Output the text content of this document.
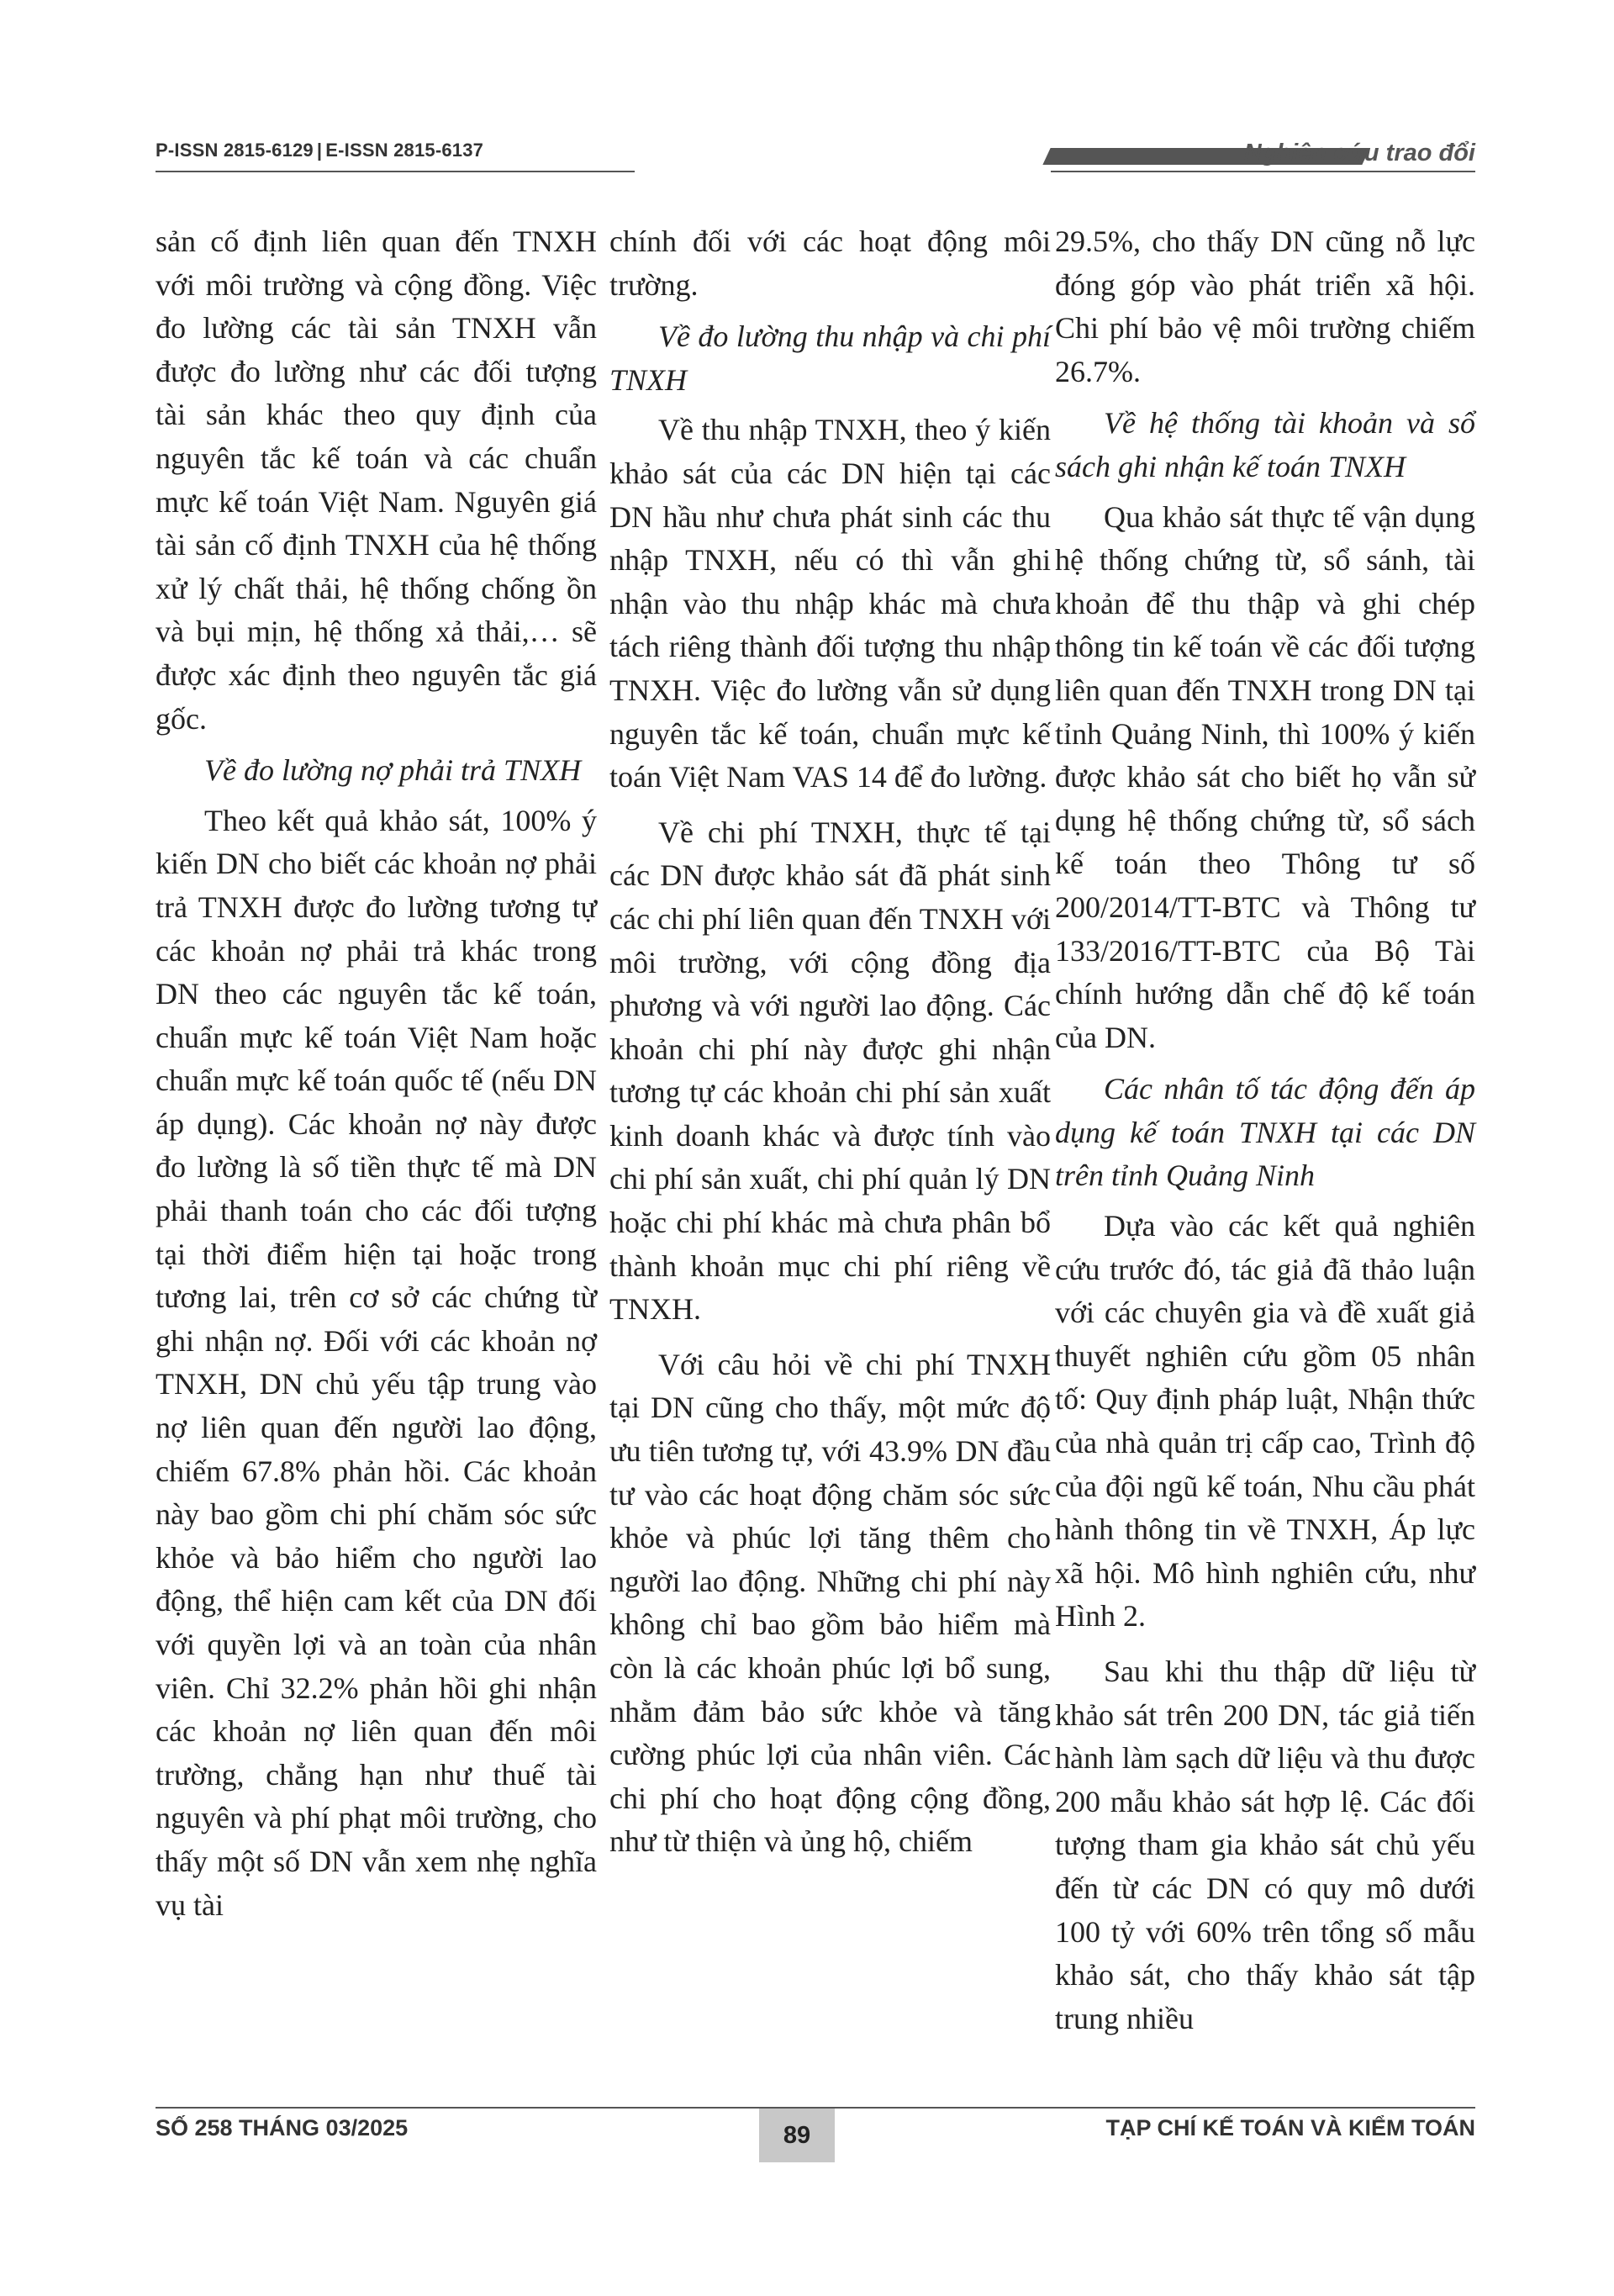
P-ISSN 2815-6129 | E-ISSN 2815-6137	Nghiên cứu trao đổi

sản cố định liên quan đến TNXH với môi trường và cộng đồng. Việc đo lường các tài sản TNXH vẫn được đo lường như các đối tượng tài sản khác theo quy định của nguyên tắc kế toán và các chuẩn mực kế toán Việt Nam. Nguyên giá tài sản cố định TNXH của hệ thống xử lý chất thải, hệ thống chống ồn và bụi mịn, hệ thống xả thải,… sẽ được xác định theo nguyên tắc giá gốc.

Về đo lường nợ phải trả TNXH

Theo kết quả khảo sát, 100% ý kiến DN cho biết các khoản nợ phải trả TNXH được đo lường tương tự các khoản nợ phải trả khác trong DN theo các nguyên tắc kế toán, chuẩn mực kế toán Việt Nam hoặc chuẩn mực kế toán quốc tế (nếu DN áp dụng). Các khoản nợ này được đo lường là số tiền thực tế mà DN phải thanh toán cho các đối tượng tại thời điểm hiện tại hoặc trong tương lai, trên cơ sở các chứng từ ghi nhận nợ. Đối với các khoản nợ TNXH, DN chủ yếu tập trung vào nợ liên quan đến người lao động, chiếm 67.8% phản hồi. Các khoản này bao gồm chi phí chăm sóc sức khỏe và bảo hiểm cho người lao động, thể hiện cam kết của DN đối với quyền lợi và an toàn của nhân viên. Chỉ 32.2% phản hồi ghi nhận các khoản nợ liên quan đến môi trường, chẳng hạn như thuế tài nguyên và phí phạt môi trường, cho thấy một số DN vẫn xem nhẹ nghĩa vụ tài

chính đối với các hoạt động môi trường.

Về đo lường thu nhập và chi phí TNXH

Về thu nhập TNXH, theo ý kiến khảo sát của các DN hiện tại các DN hầu như chưa phát sinh các thu nhập TNXH, nếu có thì vẫn ghi nhận vào thu nhập khác mà chưa tách riêng thành đối tượng thu nhập TNXH. Việc đo lường vẫn sử dụng nguyên tắc kế toán, chuẩn mực kế toán Việt Nam VAS 14 để đo lường.

Về chi phí TNXH, thực tế tại các DN được khảo sát đã phát sinh các chi phí liên quan đến TNXH với môi trường, với cộng đồng địa phương và với người lao động. Các khoản chi phí này được ghi nhận tương tự các khoản chi phí sản xuất kinh doanh khác và được tính vào chi phí sản xuất, chi phí quản lý DN hoặc chi phí khác mà chưa phân bổ thành khoản mục chi phí riêng về TNXH.

Với câu hỏi về chi phí TNXH tại DN cũng cho thấy, một mức độ ưu tiên tương tự, với 43.9% DN đầu tư vào các hoạt động chăm sóc sức khỏe và phúc lợi tăng thêm cho người lao động. Những chi phí này không chỉ bao gồm bảo hiểm mà còn là các khoản phúc lợi bổ sung, nhằm đảm bảo sức khỏe và tăng cường phúc lợi của nhân viên. Các chi phí cho hoạt động cộng đồng, như từ thiện và ủng hộ, chiếm

29.5%, cho thấy DN cũng nỗ lực đóng góp vào phát triển xã hội. Chi phí bảo vệ môi trường chiếm 26.7%.

Về hệ thống tài khoản và sổ sách ghi nhận kế toán TNXH

Qua khảo sát thực tế vận dụng hệ thống chứng từ, sổ sánh, tài khoản để thu thập và ghi chép thông tin kế toán về các đối tượng liên quan đến TNXH trong DN tại tỉnh Quảng Ninh, thì 100% ý kiến được khảo sát cho biết họ vẫn sử dụng hệ thống chứng từ, sổ sách kế toán theo Thông tư số 200/2014/TT-BTC và Thông tư 133/2016/TT-BTC của Bộ Tài chính hướng dẫn chế độ kế toán của DN.

Các nhân tố tác động đến áp dụng kế toán TNXH tại các DN trên tỉnh Quảng Ninh

Dựa vào các kết quả nghiên cứu trước đó, tác giả đã thảo luận với các chuyên gia và đề xuất giả thuyết nghiên cứu gồm 05 nhân tố: Quy định pháp luật, Nhận thức của nhà quản trị cấp cao, Trình độ của đội ngũ kế toán, Nhu cầu phát hành thông tin về TNXH, Áp lực xã hội. Mô hình nghiên cứu, như Hình 2.

Sau khi thu thập dữ liệu từ khảo sát trên 200 DN, tác giả tiến hành làm sạch dữ liệu và thu được 200 mẫu khảo sát hợp lệ. Các đối tượng tham gia khảo sát chủ yếu đến từ các DN có quy mô dưới 100 tỷ với 60% trên tổng số mẫu khảo sát, cho thấy khảo sát tập trung nhiều

SỐ 258 THÁNG 03/2025	89	TẠP CHÍ KẾ TOÁN VÀ KIỂM TOÁN
